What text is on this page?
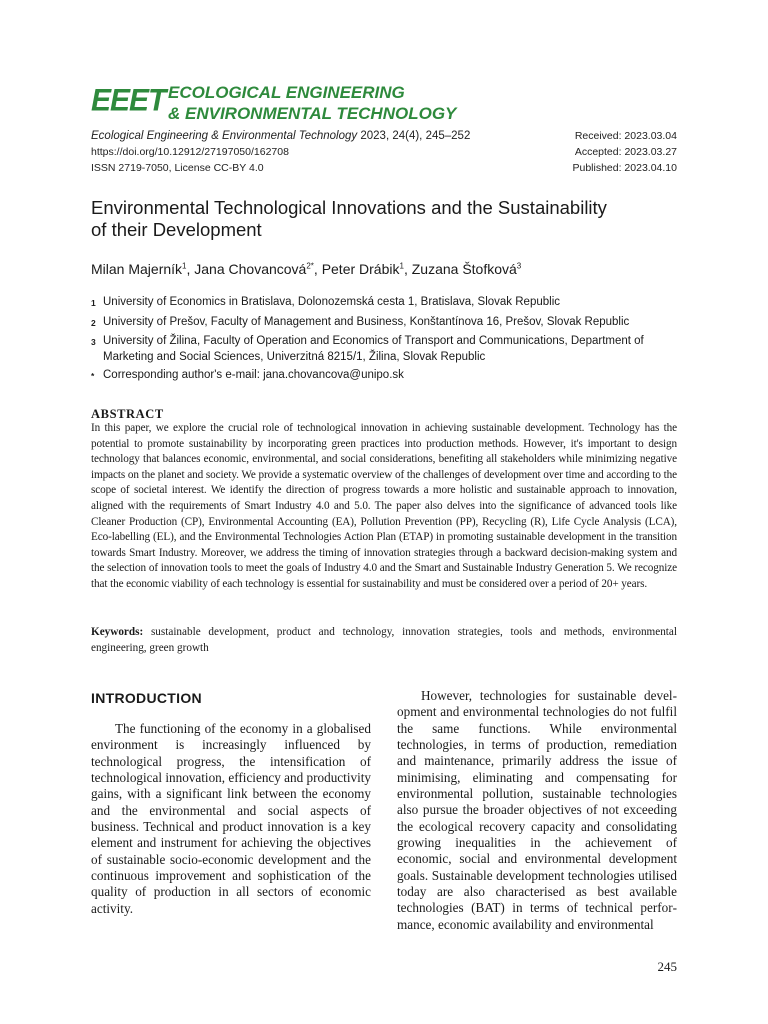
EEET ECOLOGICAL ENGINEERING
& ENVIRONMENTAL TECHNOLOGY
Ecological Engineering & Environmental Technology 2023, 24(4), 245–252
https://doi.org/10.12912/27197050/162708
ISSN 2719-7050, License CC-BY 4.0
Received: 2023.03.04
Accepted: 2023.03.27
Published: 2023.04.10
Environmental Technological Innovations and the Sustainability
of their Development
Milan Majerník$^1$, Jana Chovancová$^{2*}$, Peter Drábik$^1$, Zuzana Štofková$^3$
1 University of Economics in Bratislava, Dolonozemská cesta 1, Bratislava, Slovak Republic
2 University of Prešov, Faculty of Management and Business, Konštantínova 16, Prešov, Slovak Republic
3 University of Žilina, Faculty of Operation and Economics of Transport and Communications, Department of Marketing and Social Sciences, Univerzitná 8215/1, Žilina, Slovak Republic
* Corresponding author's e-mail: jana.chovancova@unipo.sk
ABSTRACT
In this paper, we explore the crucial role of technological innovation in achieving sustainable development. Technology has the potential to promote sustainability by incorporating green practices into production methods. However, it's important to design technology that balances economic, environmental, and social considerations, benefiting all stakeholders while minimizing negative impacts on the planet and society. We provide a systematic overview of the challenges of development over time and according to the scope of societal interest. We identify the direction of progress towards a more holistic and sustainable approach to innovation, aligned with the requirements of Smart Industry 4.0 and 5.0. The paper also delves into the significance of advanced tools like Cleaner Production (CP), Environmental Accounting (EA), Pollution Prevention (PP), Recycling (R), Life Cycle Analysis (LCA), Eco-labelling (EL), and the Environmental Technologies Action Plan (ETAP) in promoting sustainable development in the transition towards Smart Industry. Moreover, we address the timing of innovation strategies through a backward decision-making system and the selection of innovation tools to meet the goals of Industry 4.0 and the Smart and Sustainable Industry Generation 5. We recognize that the economic viability of each technology is essential for sustainability and must be considered over a period of 20+ years.
Keywords: sustainable development, product and technology, innovation strategies, tools and methods, environmental engineering, green growth
INTRODUCTION
The functioning of the economy in a globalised environment is increasingly influenced by technological progress, the intensification of technological innovation, efficiency and productivity gains, with a significant link between the economy and the environmental and social aspects of business. Technical and product innovation is a key element and instrument for achieving the objectives of sustainable socio-economic development and the continuous improvement and sophistication of the quality of production in all sectors of economic activity.
However, technologies for sustainable development and environmental technologies do not fulfil the same functions. While environmental technologies, in terms of production, remediation and maintenance, primarily address the issue of minimising, eliminating and compensating for environmental pollution, sustainable technologies also pursue the broader objectives of not exceeding the ecological recovery capacity and consolidating growing inequalities in the achievement of economic, social and environmental development goals. Sustainable development technologies utilised today are also characterised as best available technologies (BAT) in terms of technical performance, economic availability and environmental
245
